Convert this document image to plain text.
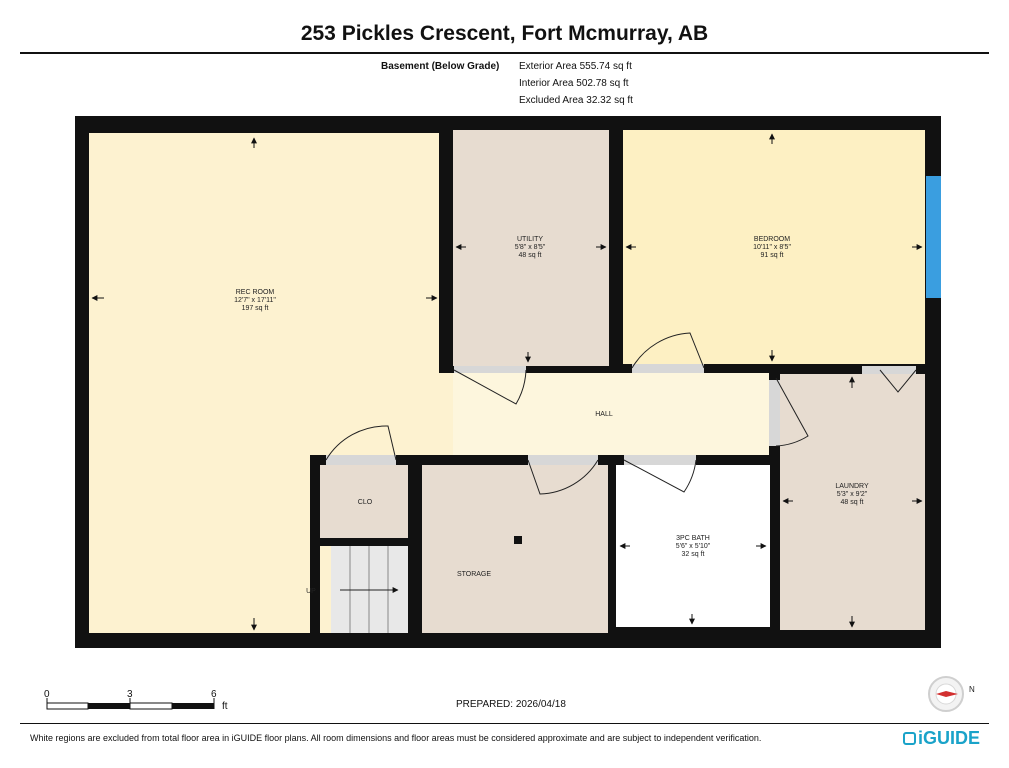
253 Pickles Crescent, Fort Mcmurray, AB
Basement (Below Grade) Exterior Area 555.74 sq ft
Interior Area 502.78 sq ft
Excluded Area 32.32 sq ft
REC ROOM
12'7" x 17'11"
197 sq ft
UTILITY
5'8" x 8'5"
48 sq ft
BEDROOM
10'11" x 8'5"
91 sq ft
HALL
CLO
STORAGE
UP
3PC BATH
5'6" x 5'10"
32 sq ft
LAUNDRY
5'3" x 9'2"
48 sq ft
N
0	3	6
ft	PREPARED: 2026/04/18
White regions are excluded from total floor area in iGUIDE floor plans. All room dimensions and floor areas must be considered approximate and are subject to independent verification.	iGUIDE
